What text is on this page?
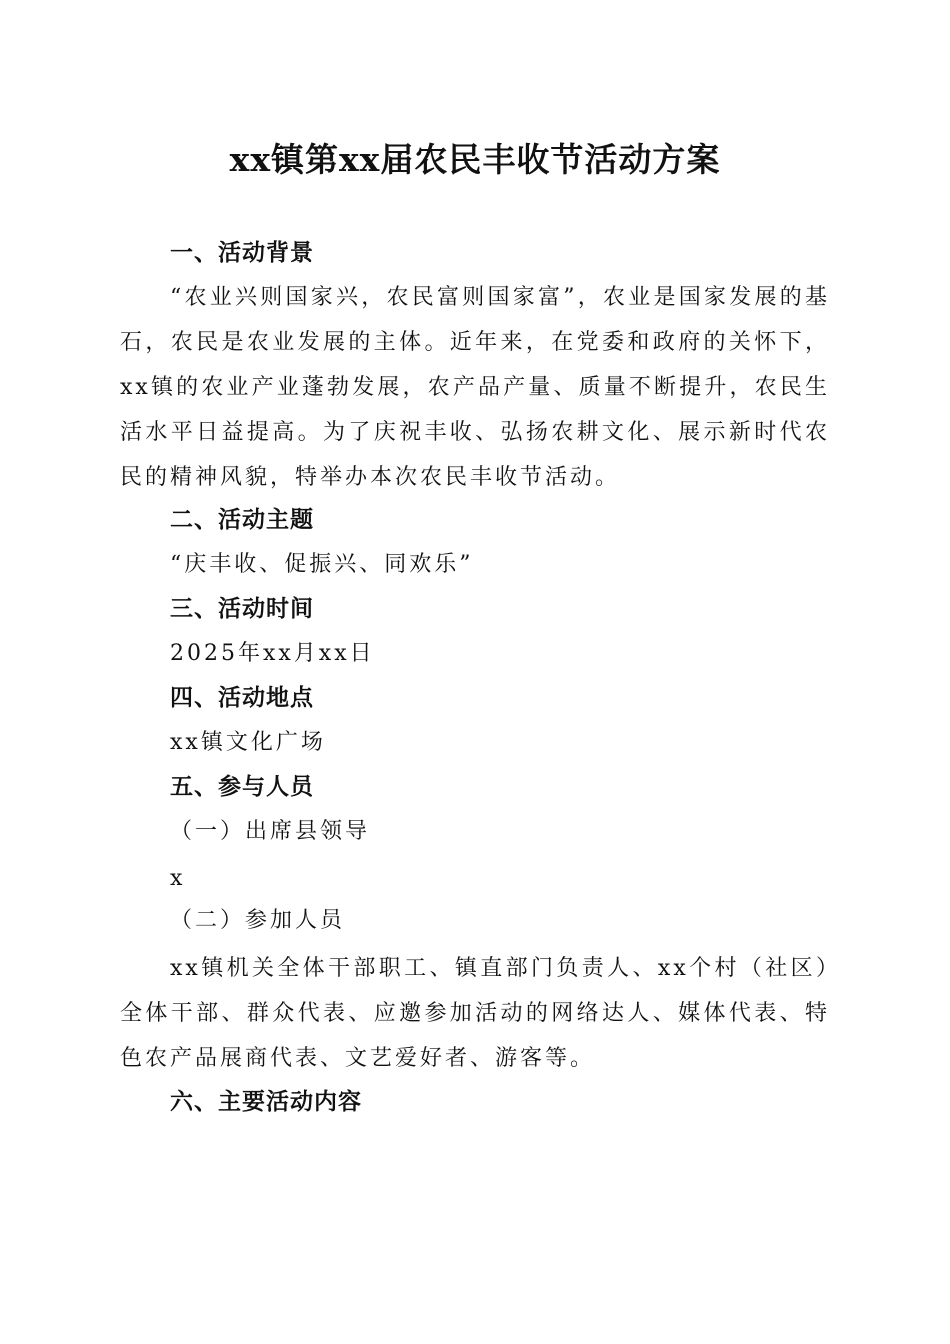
xx镇第xx届农民丰收节活动方案
一、活动背景

“农业兴则国家兴，农民富则国家富”，农业是国家发展的基石，农民是农业发展的主体。近年来，在党委和政府的关怀下，xx镇的农业产业蓬勃发展，农产品产量、质量不断提升，农民生活水平日益提高。为了庆祝丰收、弘扬农耕文化、展示新时代农民的精神风貌，特举办本次农民丰收节活动。

二、活动主题

“庆丰收、促振兴、同欢乐”

三、活动时间

2025年xx月xx日

四、活动地点

xx镇文化广场

五、参与人员

（一）出席县领导

x

（二）参加人员

xx镇机关全体干部职工、镇直部门负责人、xx个村（社区）全体干部、群众代表、应邀参加活动的网络达人、媒体代表、特色农产品展商代表、文艺爱好者、游客等。

六、主要活动内容
